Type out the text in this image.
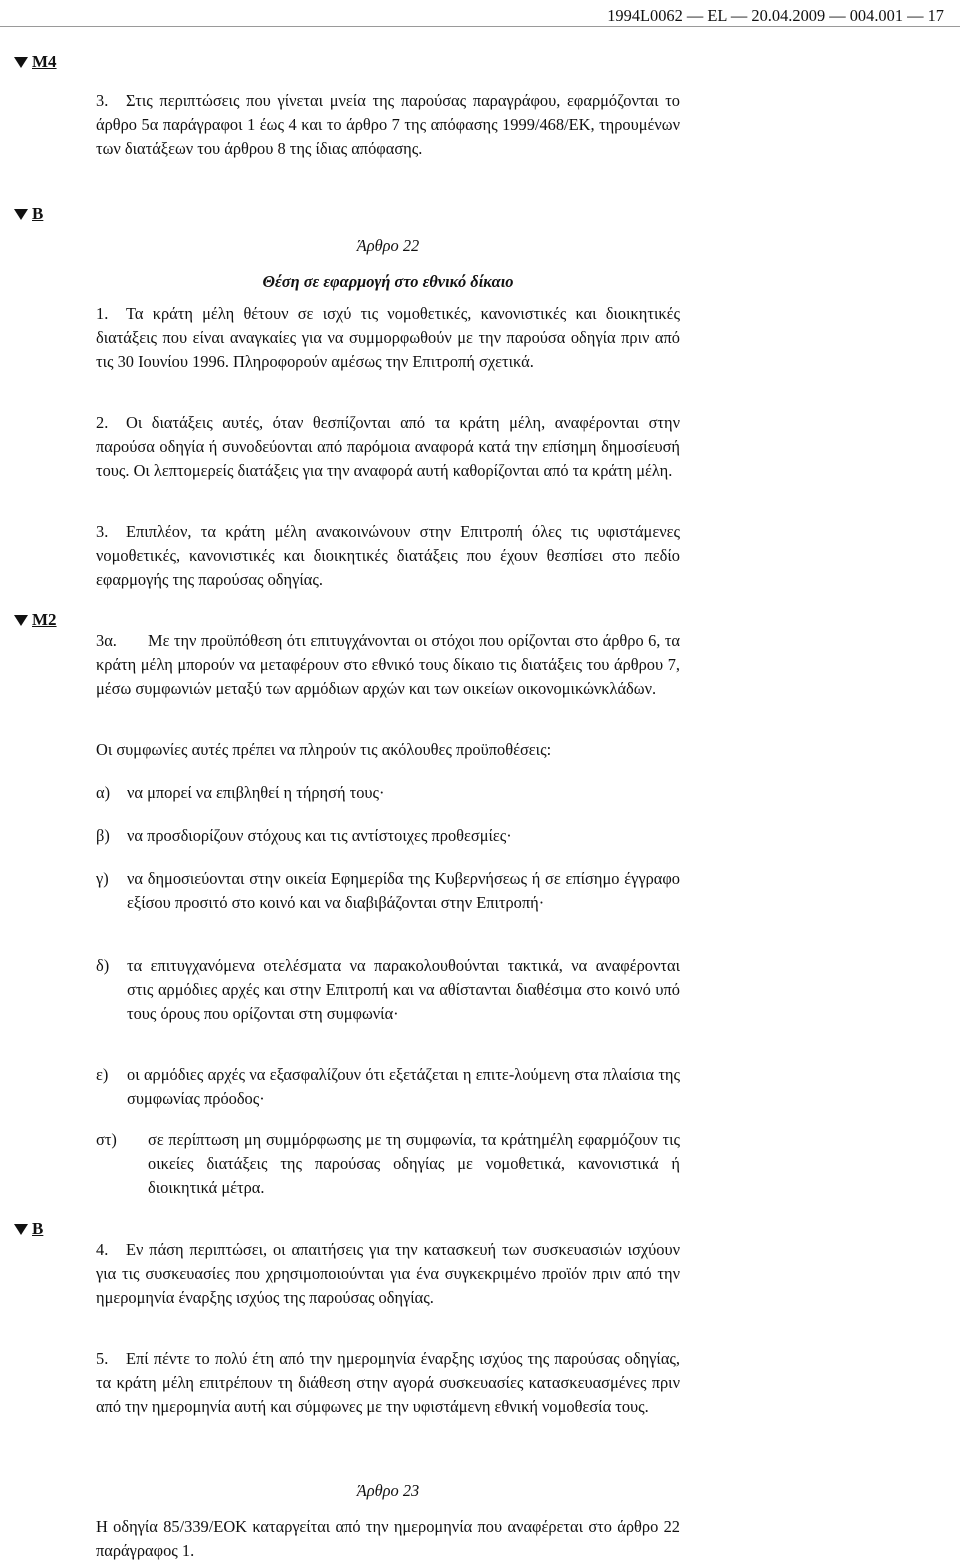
1994L0062 — EL — 20.04.2009 — 004.001 — 17
M4

3. Στις περιπτώσεις που γίνεται μνεία της παρούσας παραγράφου, εφαρμόζονται το άρθρο 5α παράγραφοι 1 έως 4 και το άρθρο 7 της απόφασης 1999/468/ΕΚ, τηρουμένων των διατάξεων του άρθρου 8 της ίδιας απόφασης.

B

Άρθρο 22

Θέση σε εφαρμογή στο εθνικό δίκαιο

1. Τα κράτη μέλη θέτουν σε ισχύ τις νομοθετικές, κανονιστικές και διοικητικές διατάξεις που είναι αναγκαίες για να συμμορφωθούν με την παρούσα οδηγία πριν από τις 30 Ιουνίου 1996. Πληροφορούν αμέσως την Επιτροπή σχετικά.

2. Οι διατάξεις αυτές, όταν θεσπίζονται από τα κράτη μέλη, αναφέρονται στην παρούσα οδηγία ή συνοδεύονται από παρόμοια αναφορά κατά την επίσημη δημοσίευσή τους. Οι λεπτομερείς διατάξεις για την αναφορά αυτή καθορίζονται από τα κράτη μέλη.

3. Επιπλέον, τα κράτη μέλη ανακοινώνουν στην Επιτροπή όλες τις υφιστάμενες νομοθετικές, κανονιστικές και διοικητικές διατάξεις που έχουν θεσπίσει στο πεδίο εφαρμογής της παρούσας οδηγίας.

M2

3α. Με την προϋπόθεση ότι επιτυγχάνονται οι στόχοι που ορίζονται στο άρθρο 6, τα κράτη μέλη μπορούν να μεταφέρουν στο εθνικό τους δίκαιο τις διατάξεις του άρθρου 7, μέσω συμφωνιών μεταξύ των αρμόδιων αρχών και των οικείων οικονομικώνκλάδων.

Οι συμφωνίες αυτές πρέπει να πληρούν τις ακόλουθες προϋποθέσεις:

α)	να μπορεί να επιβληθεί η τήρησή τους·
β)	να προσδιορίζουν στόχους και τις αντίστοιχες προθεσμίες·
γ)	να δημοσιεύονται στην οικεία Εφημερίδα της Κυβερνήσεως ή σε επίσημο έγγραφο εξίσου προσιτό στο κοινό και να διαβιβάζονται στην Επιτροπή·
δ)	τα επιτυγχανόμενα οτελέσματα να παρακολουθούνται τακτικά, να αναφέρονται στις αρμόδιες αρχές και στην Επιτροπή και να αθίστανται διαθέσιμα στο κοινό υπό τους όρους που ορίζονται στη συμφωνία·
ε)	οι αρμόδιες αρχές να εξασφαλίζουν ότι εξετάζεται η επιτε-λούμενη στα πλαίσια της συμφωνίας πρόοδος·
στ)	σε περίπτωση μη συμμόρφωσης με τη συμφωνία, τα κράτημέλη εφαρμόζουν τις οικείες διατάξεις της παρούσας οδηγίας με νομοθετικά, κανονιστικά ή διοικητικά μέτρα.
B

4. Εν πάση περιπτώσει, οι απαιτήσεις για την κατασκευή των συσκευασιών ισχύουν για τις συσκευασίες που χρησιμοποιούνται για ένα συγκεκριμένο προϊόν πριν από την ημερομηνία έναρξης ισχύος της παρούσας οδηγίας.

5. Επί πέντε το πολύ έτη από την ημερομηνία έναρξης ισχύος της παρούσας οδηγίας, τα κράτη μέλη επιτρέπουν τη διάθεση στην αγορά συσκευασίες κατασκευασμένες πριν από την ημερομηνία αυτή και σύμφωνες με την υφιστάμενη εθνική νομοθεσία τους.

Άρθρο 23

Η οδηγία 85/339/ΕΟΚ καταργείται από την ημερομηνία που αναφέρεται στο άρθρο 22 παράγραφος 1.
